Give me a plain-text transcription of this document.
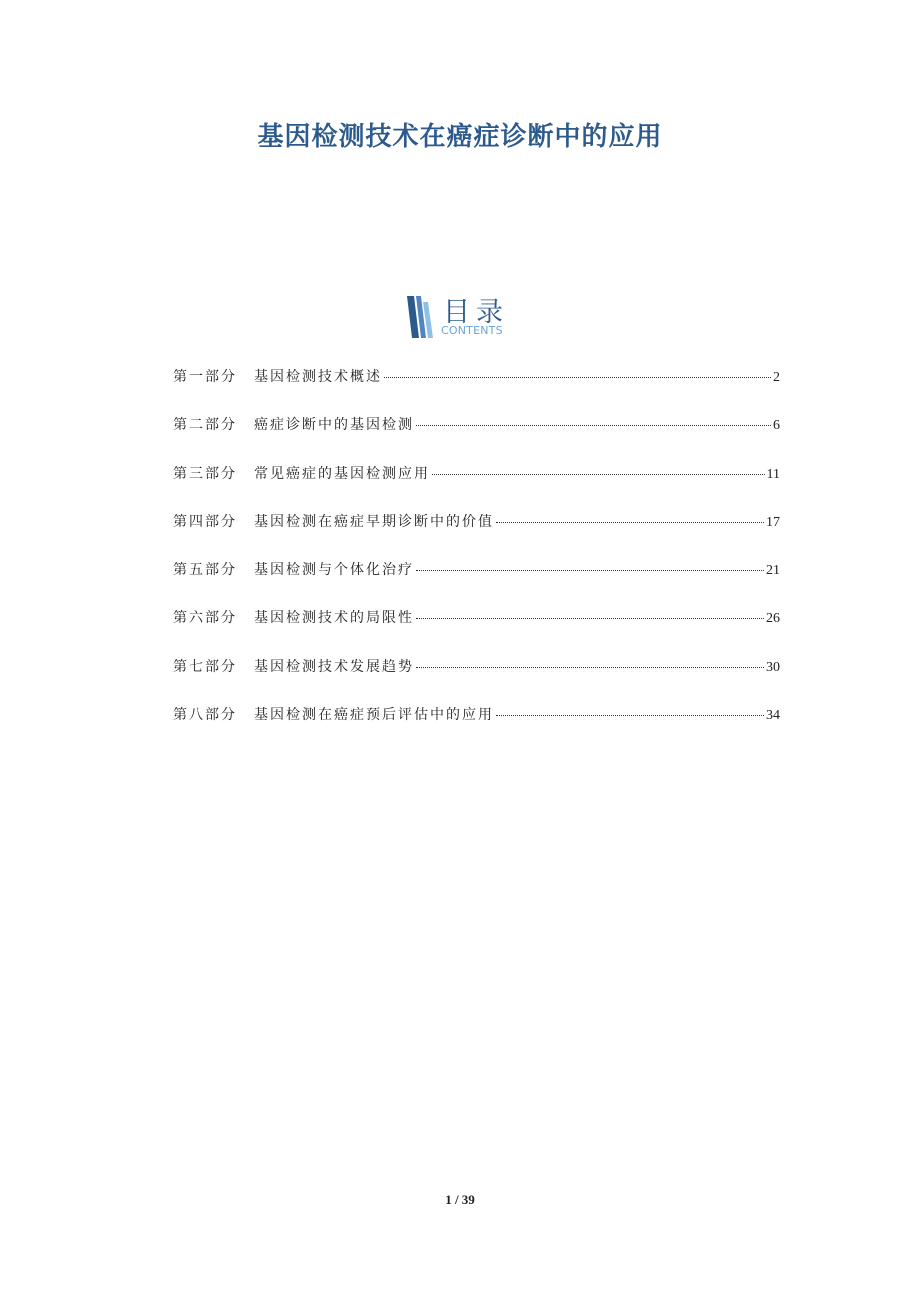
基因检测技术在癌症诊断中的应用
目录
CONTENTS
第一部分	基因检测技术概述	2
第二部分	癌症诊断中的基因检测	6
第三部分	常见癌症的基因检测应用	11
第四部分	基因检测在癌症早期诊断中的价值	17
第五部分	基因检测与个体化治疗	21
第六部分	基因检测技术的局限性	26
第七部分	基因检测技术发展趋势	30
第八部分	基因检测在癌症预后评估中的应用	34
1 / 39
